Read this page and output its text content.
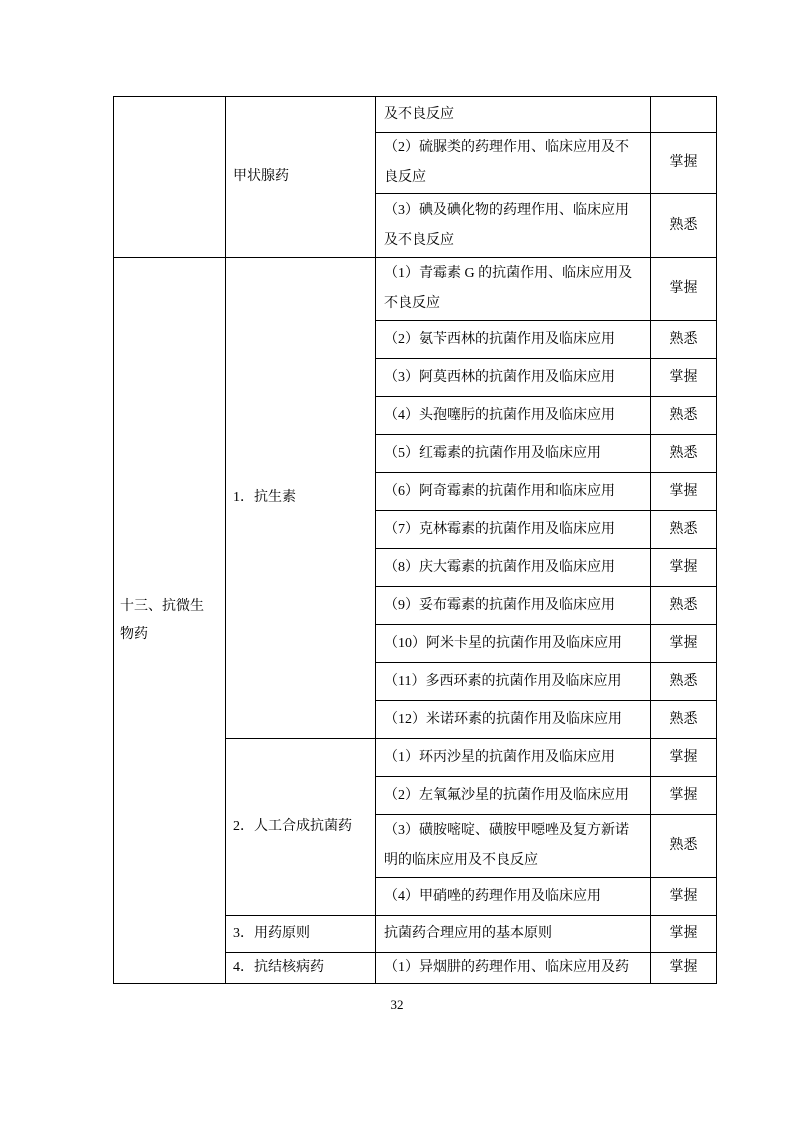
	甲状腺药	及不良反应	

		（2）硫脲类的药理作用、临床应用及不良反应	掌握

		（3）碘及碘化物的药理作用、临床应用及不良反应	熟悉

十三、抗微生物药	1．抗生素	（1）青霉素 G 的抗菌作用、临床应用及不良反应	掌握

		（2）氨苄西林的抗菌作用及临床应用	熟悉

		（3）阿莫西林的抗菌作用及临床应用	掌握

		（4）头孢噻肟的抗菌作用及临床应用	熟悉

		（5）红霉素的抗菌作用及临床应用	熟悉

		（6）阿奇霉素的抗菌作用和临床应用	掌握

		（7）克林霉素的抗菌作用及临床应用	熟悉

		（8）庆大霉素的抗菌作用及临床应用	掌握

		（9）妥布霉素的抗菌作用及临床应用	熟悉

		（10）阿米卡星的抗菌作用及临床应用	掌握

		（11）多西环素的抗菌作用及临床应用	熟悉

		（12）米诺环素的抗菌作用及临床应用	熟悉

	2．人工合成抗菌药	（1）环丙沙星的抗菌作用及临床应用	掌握

		（2）左氧氟沙星的抗菌作用及临床应用	掌握

		（3）磺胺嘧啶、磺胺甲噁唑及复方新诺明的临床应用及不良反应	熟悉

		（4）甲硝唑的药理作用及临床应用	掌握

	3．用药原则	抗菌药合理应用的基本原则	掌握

	4．抗结核病药	（1）异烟肼的药理作用、临床应用及药	掌握
32
